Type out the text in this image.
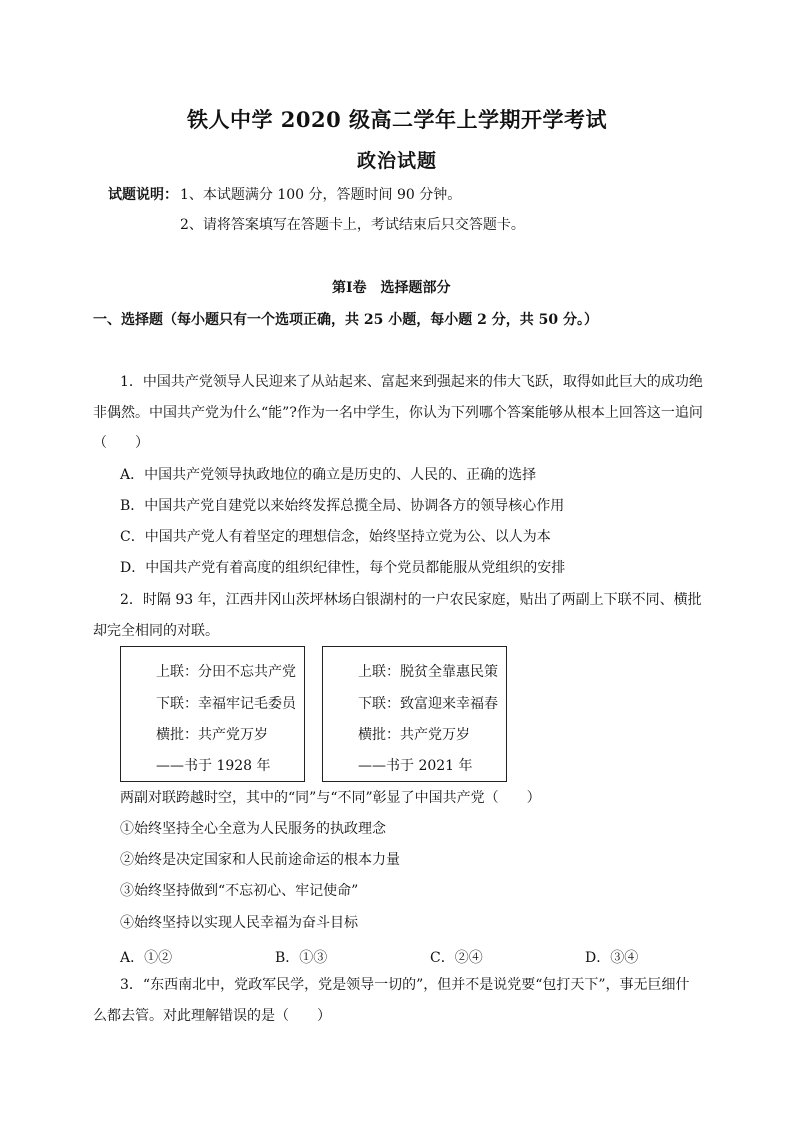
铁人中学 2020 级高二学年上学期开学考试
政治试题
试题说明： 1、本试题满分 100 分，答题时间 90 分钟。
2、请将答案填写在答题卡上，考试结束后只交答题卡。
第Ⅰ卷　选择题部分
一、选择题（每小题只有一个选项正确，共 25 小题，每小题 2 分，共 50 分。）
1．中国共产党领导人民迎来了从站起来、富起来到强起来的伟大飞跃，取得如此巨大的成功绝
非偶然。中国共产党为什么“能”?作为一名中学生，你认为下列哪个答案能够从根本上回答这一追问
（　　）
A．中国共产党领导执政地位的确立是历史的、人民的、正确的选择
B．中国共产党自建党以来始终发挥总揽全局、协调各方的领导核心作用
C．中国共产党人有着坚定的理想信念，始终坚持立党为公、以人为本
D．中国共产党有着高度的组织纪律性，每个党员都能服从党组织的安排
2．时隔 93 年，江西井冈山茨坪林场白银湖村的一户农民家庭，贴出了两副上下联不同、横批
却完全相同的对联。
上联：分田不忘共产党
下联：幸福牢记毛委员
横批：共产党万岁
——书于 1928 年
上联：脱贫全靠惠民策
下联：致富迎来幸福春
横批：共产党万岁
——书于 2021 年
两副对联跨越时空，其中的“同”与“不同”彰显了中国共产党（　　）
①始终坚持全心全意为人民服务的执政理念
②始终是决定国家和人民前途命运的根本力量
③始终坚持做到“不忘初心、牢记使命”
④始终坚持以实现人民幸福为奋斗目标
A．①②	B．①③	C．②④	D．③④
3．“东西南北中，党政军民学，党是领导一切的”，但并不是说党要“包打天下”，事无巨细什
么都去管。对此理解错误的是（　　）
